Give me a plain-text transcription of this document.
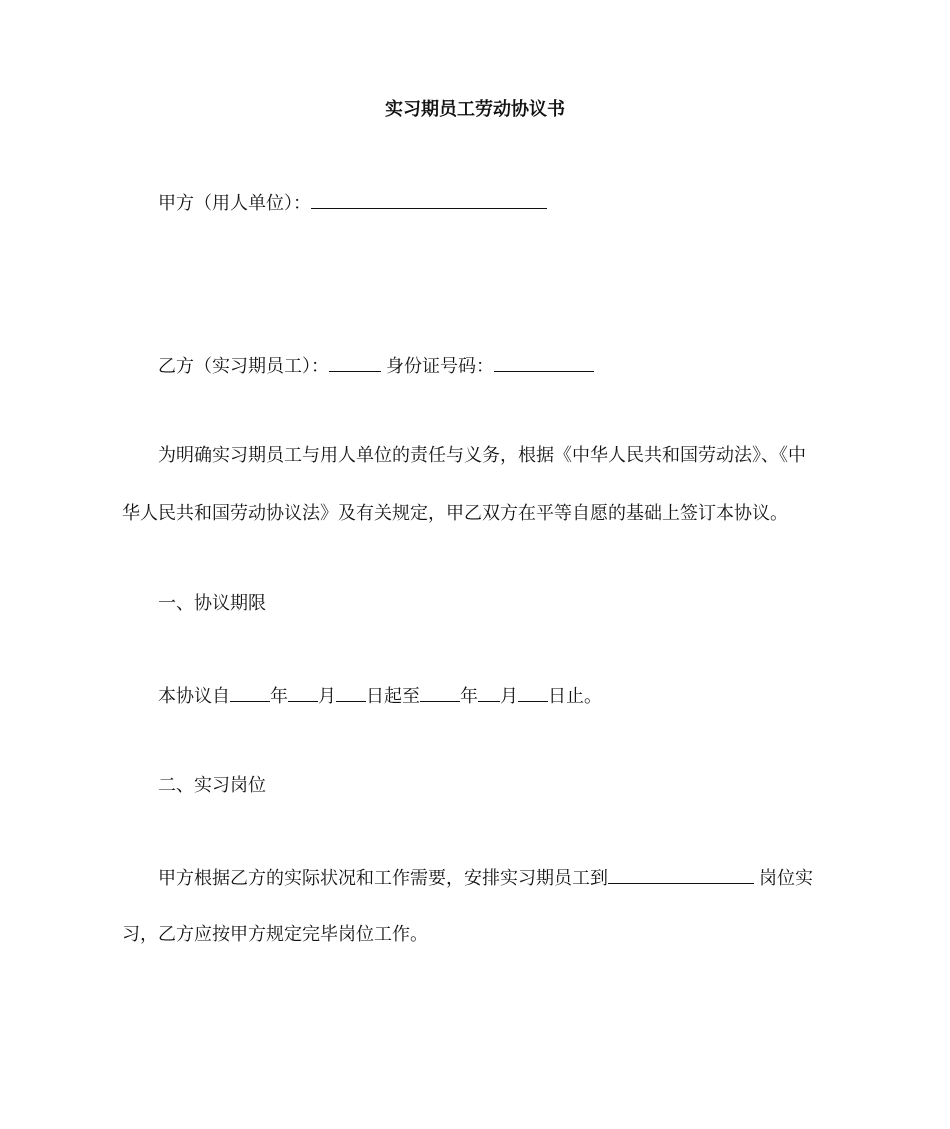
实习期员工劳动协议书
甲方（用人单位）：
乙方（实习期员工）：	身份证号码：
为明确实习期员工与用人单位的责任与义务，根据《中华人民共和国劳动法》、《中
华人民共和国劳动协议法》及有关规定，甲乙双方在平等自愿的基础上签订本协议。
一、协议期限
本协议自 年 月 日起至 年 月 日止。
二、实习岗位
甲方根据乙方的实际状况和工作需要，安排实习期员工到	岗位实
习，乙方应按甲方规定完毕岗位工作。
